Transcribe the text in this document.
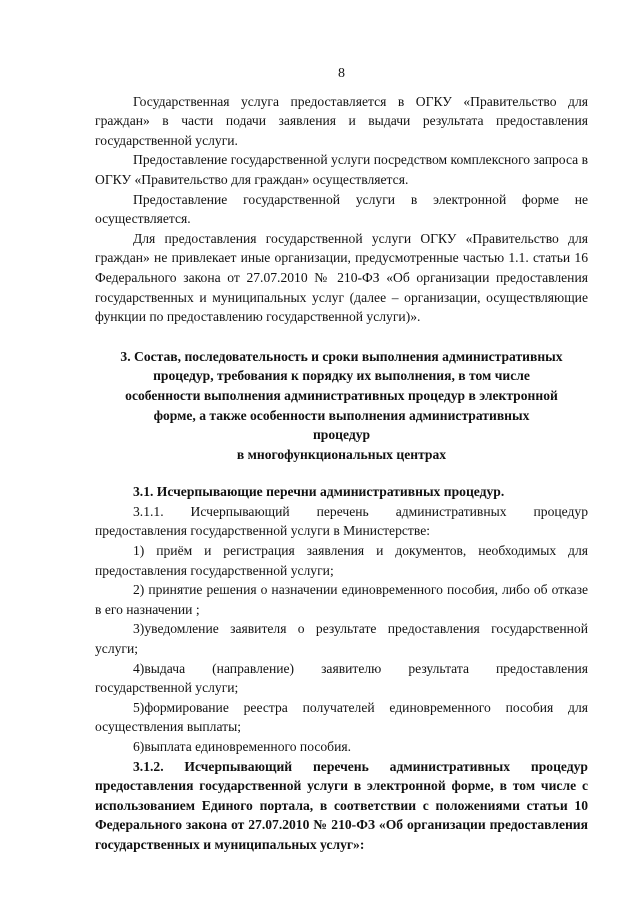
8

Государственная услуга предоставляется в ОГКУ «Правительство для граждан» в части подачи заявления и выдачи результата предоставления государственной услуги.

Предоставление государственной услуги посредством комплексного запроса в ОГКУ «Правительство для граждан» осуществляется.

Предоставление государственной услуги в электронной форме не осуществляется.

Для предоставления государственной услуги ОГКУ «Правительство для граждан» не привлекает иные организации, предусмотренные частью 1.1. статьи 16 Федерального закона от 27.07.2010 № 210-ФЗ «Об организации предоставления государственных и муниципальных услуг (далее – организации, осуществляющие функции по предоставлению государственной услуги)».

3. Состав, последовательность и сроки выполнения административных
процедур, требования к порядку их выполнения, в том числе
особенности выполнения административных процедур в электронной
форме, а также особенности выполнения административных
процедур
в многофункциональных центрах

3.1. Исчерпывающие перечни административных процедур.

3.1.1. Исчерпывающий перечень административных процедур предоставления государственной услуги в Министерстве:

1) приём и регистрация заявления и документов, необходимых для предоставления государственной услуги;

2) принятие решения о назначении единовременного пособия, либо об отказе в его назначении ;

3)уведомление заявителя о результате предоставления государственной услуги;

4)выдача (направление) заявителю результата предоставления государственной услуги;

5)формирование реестра получателей единовременного пособия для осуществления выплаты;

6)выплата единовременного пособия.

3.1.2. Исчерпывающий перечень административных процедур предоставления государственной услуги в электронной форме, в том числе с использованием Единого портала, в соответствии с положениями статьи 10 Федерального закона от 27.07.2010 № 210-ФЗ «Об организации предоставления государственных и муниципальных услуг»:
